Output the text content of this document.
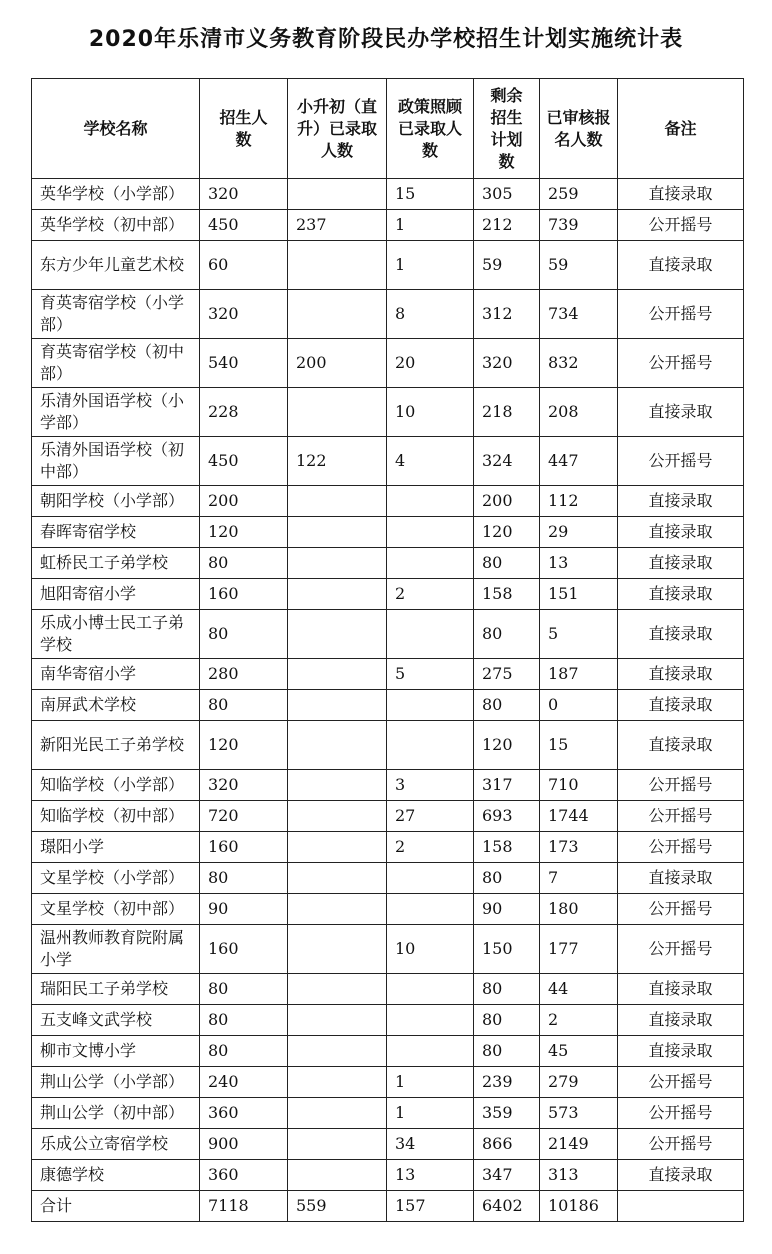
2020年乐清市义务教育阶段民办学校招生计划实施统计表
学校名称	招生人数	小升初（直升）已录取人数	政策照顾 已录取人数	剩余招生计划数	已审核报名人数	备注
英华学校（小学部）	320		15	305	259	直接录取
英华学校（初中部）	450	237	1	212	739	公开摇号
东方少年儿童艺术校	60		1	59	59	直接录取
育英寄宿学校（小学部）	320		8	312	734	公开摇号
育英寄宿学校（初中部）	540	200	20	320	832	公开摇号
乐清外国语学校（小学部）	228		10	218	208	直接录取
乐清外国语学校（初中部）	450	122	4	324	447	公开摇号
朝阳学校（小学部）	200			200	112	直接录取
春晖寄宿学校	120			120	29	直接录取
虹桥民工子弟学校	80			80	13	直接录取
旭阳寄宿小学	160		2	158	151	直接录取
乐成小博士民工子弟学校	80			80	5	直接录取
南华寄宿小学	280		5	275	187	直接录取
南屏武术学校	80			80	0	直接录取
新阳光民工子弟学校	120			120	15	直接录取
知临学校（小学部）	320		3	317	710	公开摇号
知临学校（初中部）	720		27	693	1744	公开摇号
璟阳小学	160		2	158	173	公开摇号
文星学校（小学部）	80			80	7	直接录取
文星学校（初中部）	90			90	180	公开摇号
温州教师教育院附属小学	160		10	150	177	公开摇号
瑞阳民工子弟学校	80			80	44	直接录取
五支峰文武学校	80			80	2	直接录取
柳市文博小学	80			80	45	直接录取
荆山公学（小学部）	240		1	239	279	公开摇号
荆山公学（初中部）	360		1	359	573	公开摇号
乐成公立寄宿学校	900		34	866	2149	公开摇号
康德学校	360		13	347	313	直接录取
合计	7118	559	157	6402	10186	
